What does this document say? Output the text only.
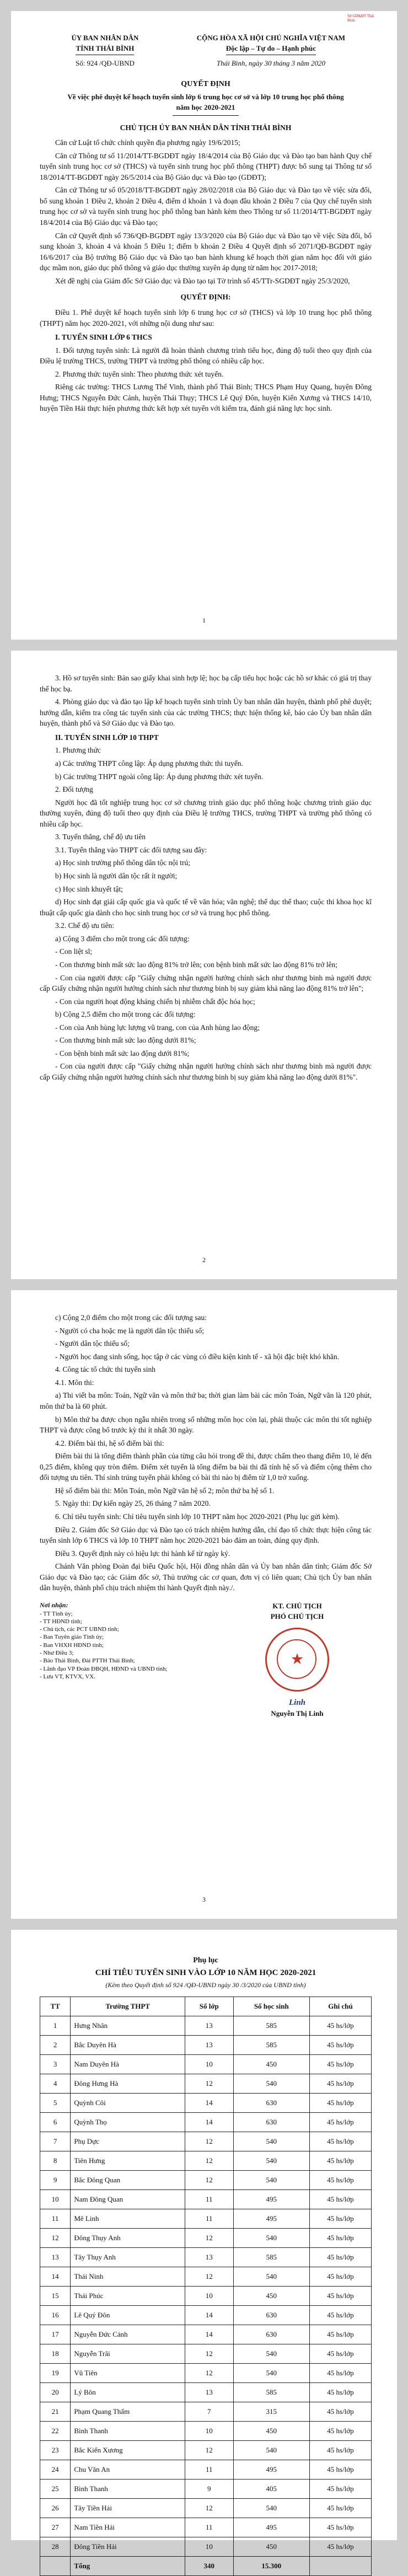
Sở GD&ĐT Thái Bình
ỦY BAN NHÂN DÂN
TỈNH THÁI BÌNH
Số: 924 /QĐ-UBND
CỘNG HÒA XÃ HỘI CHỦ NGHĨA VIỆT NAM
Độc lập – Tự do – Hạnh phúc
Thái Bình, ngày 30 tháng 3 năm 2020
QUYẾT ĐỊNH
Về việc phê duyệt kế hoạch tuyển sinh lớp 6 trung học cơ sở và lớp 10 trung học phổ thông năm học 2020-2021
CHỦ TỊCH ỦY BAN NHÂN DÂN TỈNH THÁI BÌNH

Căn cứ Luật tổ chức chính quyền địa phương ngày 19/6/2015;

Căn cứ Thông tư số 11/2014/TT-BGDĐT ngày 18/4/2014 của Bộ Giáo dục và Đào tạo ban hành Quy chế tuyển sinh trung học cơ sở (THCS) và tuyển sinh trung học phổ thông (THPT) được bổ sung tại Thông tư số 18/2014/TT-BGDĐT ngày 26/5/2014 của Bộ Giáo dục và Đào tạo (GDĐT);

Căn cứ Thông tư số 05/2018/TT-BGDĐT ngày 28/02/2018 của Bộ Giáo dục và Đào tạo về việc sửa đổi, bổ sung khoản 1 Điều 2, khoản 2 Điều 4, điểm d khoản 1 và đoạn đầu khoản 2 Điều 7 của Quy chế tuyển sinh trung học cơ sở và tuyển sinh trung học phổ thông ban hành kèm theo Thông tư số 11/2014/TT-BGDĐT ngày 18/4/2014 của Bộ Giáo dục và Đào tạo;

Căn cứ Quyết định số 736/QĐ-BGDĐT ngày 13/3/2020 của Bộ Giáo dục và Đào tạo về việc Sửa đổi, bổ sung khoản 3, khoản 4 và khoản 5 Điều 1; điểm b khoản 2 Điều 4 Quyết định số 2071/QĐ-BGDĐT ngày 16/6/2017 của Bộ trưởng Bộ Giáo dục và Đào tạo ban hành khung kế hoạch thời gian năm học đối với giáo dục mầm non, giáo dục phổ thông và giáo dục thường xuyên áp dụng từ năm học 2017-2018;

Xét đề nghị của Giám đốc Sở Giáo dục và Đào tạo tại Tờ trình số 45/TTr-SGDĐT ngày 25/3/2020,

QUYẾT ĐỊNH:

Điều 1. Phê duyệt kế hoạch tuyển sinh lớp 6 trung học cơ sở (THCS) và lớp 10 trung học phổ thông (THPT) năm học 2020-2021, với những nội dung như sau:

I. TUYỂN SINH LỚP 6 THCS

1. Đối tượng tuyển sinh: Là người đã hoàn thành chương trình tiểu học, đủng độ tuổi theo quy định của Điều lệ trường THCS, trường THPT và trường phổ thông có nhiều cấp học.

2. Phương thức tuyển sinh: Theo phương thức xét tuyển.

Riêng các trường: THCS Lương Thế Vinh, thành phố Thái Bình; THCS Phạm Huy Quang, huyện Đông Hưng; THCS Nguyễn Đức Cảnh, huyện Thái Thụy; THCS Lê Quý Đôn, huyện Kiến Xương và THCS 14/10, huyện Tiền Hải thực hiện phương thức kết hợp xét tuyển với kiểm tra, đánh giá năng lực học sinh.

1

3. Hồ sơ tuyển sinh: Bản sao giấy khai sinh hợp lệ; học bạ cấp tiểu học hoặc các hồ sơ khác có giá trị thay thế học bạ.

4. Phòng giáo dục và đào tạo lập kế hoạch tuyển sinh trình Ủy ban nhân dân huyện, thành phố phê duyệt; hướng dẫn, kiểm tra công tác tuyển sinh của các trường THCS; thực hiện thống kê, báo cáo Ủy ban nhân dân huyện, thành phố và Sở Giáo dục và Đào tạo.

II. TUYỂN SINH LỚP 10 THPT

1. Phương thức

a) Các trường THPT công lập: Áp dụng phương thức thi tuyển.

b) Các trường THPT ngoài công lập: Áp dụng phương thức xét tuyển.

2. Đối tượng

Người học đã tốt nghiệp trung học cơ sở chương trình giáo dục phổ thông hoặc chương trình giáo dục thường xuyên, đúng độ tuổi theo quy định của Điều lệ trường THCS, trường THPT và trường phổ thông có nhiều cấp học.

3. Tuyển thẳng, chế độ ưu tiên

3.1. Tuyển thẳng vào THPT các đối tượng sau đây:

a) Học sinh trường phổ thông dân tộc nội trú;

b) Học sinh là người dân tộc rất ít người;

c) Học sinh khuyết tật;

d) Học sinh đạt giải cấp quốc gia và quốc tế về văn hóa; văn nghệ; thể dục thể thao; cuộc thi khoa học kĩ thuật cấp quốc gia dành cho học sinh trung học cơ sở và trung học phổ thông.

3.2. Chế độ ưu tiên:

a) Cộng 3 điểm cho một trong các đối tượng:

- Con liệt sĩ;

- Con thương binh mất sức lao động 81% trở lên; con bệnh binh mất sức lao động 81% trở lên;

- Con của người được cấp "Giấy chứng nhận người hưởng chính sách như thương binh mà người được cấp Giấy chứng nhận người hưởng chính sách như thương binh bị suy giảm khả năng lao động 81% trở lên";

- Con của người hoạt động kháng chiến bị nhiễm chất độc hóa học;

b) Cộng 2,5 điểm cho một trong các đối tượng:

- Con của Anh hùng lực lượng vũ trang, con của Anh hùng lao động;

- Con thương binh mất sức lao động dưới 81%;

- Con bệnh binh mất sức lao động dưới 81%;

- Con của người được cấp "Giấy chứng nhận người hưởng chính sách như thương binh mà người được cấp Giấy chứng nhận người hưởng chính sách như thương binh bị suy giảm khả năng lao động dưới 81%".

2

c) Cộng 2,0 điểm cho một trong các đối tượng sau:

- Người có cha hoặc mẹ là người dân tộc thiểu số;

- Người dân tộc thiểu số;

- Người học đang sinh sống, học tập ở các vùng có điều kiện kinh tế - xã hội đặc biệt khó khăn.

4. Công tác tổ chức thi tuyển sinh

4.1. Môn thi:

a) Thi viết ba môn: Toán, Ngữ văn và môn thứ ba; thời gian làm bài các môn Toán, Ngữ văn là 120 phút, môn thứ ba là 60 phút.

b) Môn thứ ba được chọn ngẫu nhiên trong số những môn học còn lại, phải thuộc các môn thi tốt nghiệp THPT và được công bố trước kỳ thi ít nhất 30 ngày.

4.2. Điểm bài thi, hệ số điểm bài thi:

Điểm bài thi là tổng điểm thành phần của từng câu hỏi trong đề thi, được chấm theo thang điểm 10, lẻ đến 0,25 điểm, không quy tròn điểm. Điểm xét tuyển là tổng điểm ba bài thi đã tính hệ số và điểm cộng thêm cho đối tượng ưu tiên. Thí sinh trúng tuyển phải không có bài thi nào bị điểm từ 1,0 trở xuống.

Hệ số điểm bài thi: Môn Toán, môn Ngữ văn hệ số 2; môn thứ ba hệ số 1.

5. Ngày thi: Dự kiến ngày 25, 26 tháng 7 năm 2020.

6. Chỉ tiêu tuyển sinh: Chỉ tiêu tuyển sinh lớp 10 THPT năm học 2020-2021 (Phụ lục gửi kèm).

Điều 2. Giám đốc Sở Giáo dục và Đào tạo có trách nhiệm hướng dẫn, chỉ đạo tổ chức thực hiện công tác tuyển sinh lớp 6 THCS và lớp 10 THPT năm học 2020-2021 bảo đảm an toàn, đúng quy định.

Điều 3. Quyết định này có hiệu lực thi hành kể từ ngày ký.

Chánh Văn phòng Đoàn đại biểu Quốc hội, Hội đồng nhân dân và Ủy ban nhân dân tỉnh; Giám đốc Sở Giáo dục và Đào tạo; các Giám đốc sở, Thủ trưởng các cơ quan, đơn vị có liên quan; Chủ tịch Ủy ban nhân dân huyện, thành phố chịu trách nhiệm thi hành Quyết định này./.

Nơi nhận:
- TT Tỉnh ủy;
- TT HĐND tỉnh;
- Chủ tịch, các PCT UBND tỉnh;
- Ban Tuyên giáo Tỉnh ủy;
- Ban VHXH HĐND tỉnh;
- Như Điều 3;
- Báo Thái Bình, Đài PTTH Thái Bình;
- Lãnh đạo VP Đoàn ĐBQH, HĐND và UBND tỉnh;
- Lưu VT, KTVX, VX.
KT. CHỦ TỊCH
PHÓ CHỦ TỊCH
★
Linh
Nguyễn Thị Linh
3
Phụ lục
CHỈ TIÊU TUYỂN SINH VÀO LỚP 10 NĂM HỌC 2020-2021
(Kèm theo Quyết định số 924 /QĐ-UBND ngày 30 /3/2020 của UBND tỉnh)
TT	Trường THPT	Số lớp	Số học sinh	Ghi chú
1	Hưng Nhân	13	585	45 hs/lớp
2	Bắc Duyên Hà	13	585	45 hs/lớp
3	Nam Duyên Hà	10	450	45 hs/lớp
4	Đông Hưng Hà	12	540	45 hs/lớp
5	Quỳnh Côi	14	630	45 hs/lớp
6	Quỳnh Thọ	14	630	45 hs/lớp
7	Phụ Dực	12	540	45 hs/lớp
8	Tiên Hưng	12	540	45 hs/lớp
9	Bắc Đông Quan	12	540	45 hs/lớp
10	Nam Đông Quan	11	495	45 hs/lớp
11	Mê Linh	11	495	45 hs/lớp
12	Đông Thụy Anh	12	540	45 hs/lớp
13	Tây Thụy Anh	13	585	45 hs/lớp
14	Thái Ninh	12	540	45 hs/lớp
15	Thái Phúc	10	450	45 hs/lớp
16	Lê Quý Đôn	14	630	45 hs/lớp
17	Nguyễn Đức Cảnh	14	630	45 hs/lớp
18	Nguyễn Trãi	12	540	45 hs/lớp
19	Vũ Tiên	12	540	45 hs/lớp
20	Lý Bôn	13	585	45 hs/lớp
21	Phạm Quang Thẩm	7	315	45 hs/lớp
22	Bình Thanh	10	450	45 hs/lớp
23	Bắc Kiến Xương	12	540	45 hs/lớp
24	Chu Văn An	11	495	45 hs/lớp
25	Bình Thanh	9	405	45 hs/lớp
26	Tây Tiền Hải	12	540	45 hs/lớp
27	Nam Tiền Hải	11	495	45 hs/lớp
28	Đông Tiền Hải	10	450	45 hs/lớp
	Tổng	340	15.300	
